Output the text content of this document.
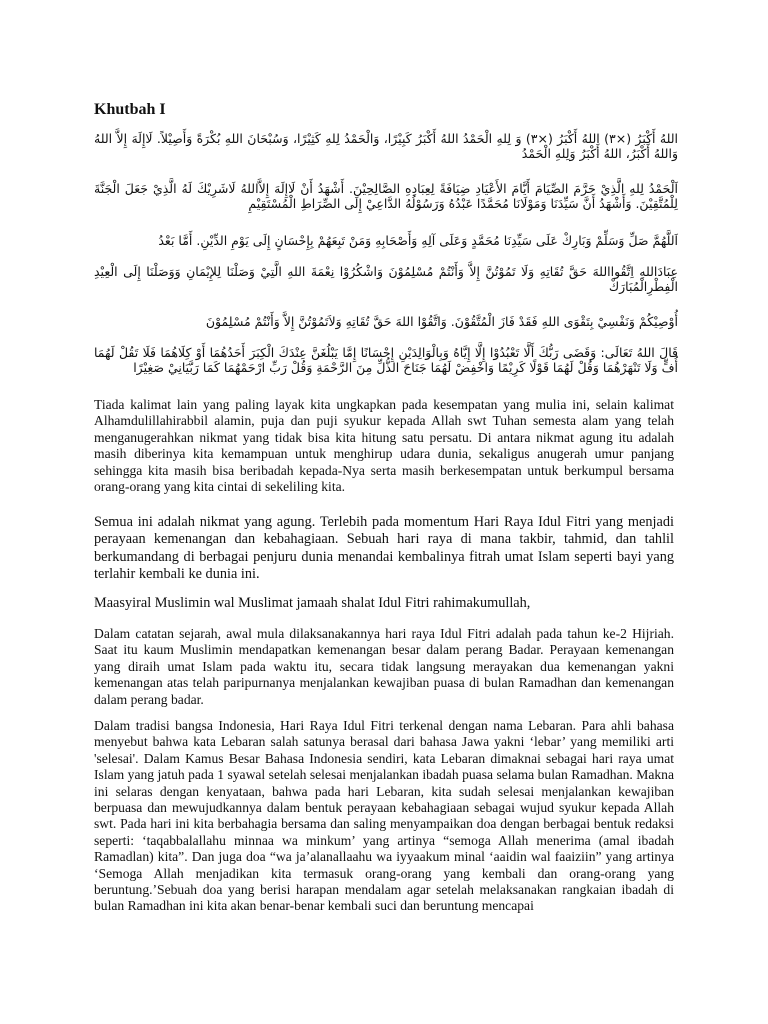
Khutbah I
اللهُ أَكْبَرُ (×٣) اللهُ أَكْبَرُ (×٣) وَ لِلهِ الْحَمْدُ اللهُ أَكْبَرُ كَبِيْرًا، وَالْحَمْدُ لِلهِ كَثِيْرًا، وَسُبْحَانَ اللهِ بُكْرَةً وَأَصِيْلاً. لَاإِلَهَ إِلاَّ اللهُ وَاللهُ أَكْبَرُ، اللهُ أَكْبَرُ وَلِلهِ الْحَمْدُ
اَلْحَمْدُ لِلهِ الَّذِيْ حَرَّمَ الصِّيَامَ أَيَّامَ الأَعْيَادِ ضِيَافَةً لِعِبَادِهِ الصَّالِحِيْنَ. أَشْهَدُ أَنْ لَاإِلَهَ إِلاَّاللهُ لَاشَرِيْكَ لَهُ الَّذِيْ جَعَلَ الْجَنَّةَ لِلْمُتَّقِيْنَ. وَأَشْهَدُ أَنَّ سَيِّدَنَا وَمَوْلَانَا مُحَمَّدًا عَبْدُهُ وَرَسُوْلُهُ الدَّاعِيْ إِلَى الصِّرَاطِ الْمُسْتَقِيْمِ
اَللَّهُمَّ صَلِّ وَسَلِّمْ وَبَارِكْ عَلَى سَيِّدِنَا مُحَمَّدٍ وَعَلَى آلِهِ وَأَصْحَابِهِ وَمَنْ تَبِعَهُمْ بِإِحْسَانٍ إِلَى يَوْمِ الدِّيْنِ. أَمَّا بَعْدُ
عِبَادَاللهِ اِتَّقُوااللهَ حَقَّ تُقَاتِهِ وَلَا تَمُوْتُنَّ إِلاَّ وَأَنْتُمْ مُسْلِمُوْنَ وَاشْكُرُوْا نِعْمَةَ اللهِ الَّتِيْ وَصَلْنَا لِلإِيْمَانِ وَوَصَلْنَا إِلَى الْعِيْدِ الْفِطْرِالْمُبَارَكْ
أُوْصِيْكُمْ وَنَفْسِيْ بِتَقْوَى اللهِ فَقَدْ فَازَ الْمُتَّقُوْنَ. وَاتَّقُوْا اللهَ حَقَّ تُقَاتِهِ وَلاَتَمُوْتُنَّ إِلاَّ وَأَنْتُمْ مُسْلِمُوْنَ
قَالَ اللهُ تَعَالَى: وَقَضَى رَبُّكَ أَلَّا تَعْبُدُوْا إِلَّا إِيَّاهُ وَبِالْوَالِدَيْنِ إِحْسَانًا إِمَّا يَبْلُغَنَّ عِنْدَكَ الْكِبَرَ أَحَدُهُمَا أَوْ كِلَاهُمَا فَلَا تَقُلْ لَهُمَا أُفٍّ وَلَا تَنْهَرْهُمَا وَقُلْ لَهُمَا قَوْلًا كَرِيْمًا وَاخْفِضْ لَهُمَا جَنَاحَ الذُّلِّ مِنَ الرَّحْمَةِ وَقُلْ رَبِّ ارْحَمْهُمَا كَمَا رَبَّيَانِيْ صَغِيْرًا
Tiada kalimat lain yang paling layak kita ungkapkan pada kesempatan yang mulia ini, selain kalimat Alhamdulillahirabbil alamin, puja dan puji syukur kepada Allah swt Tuhan semesta alam yang telah menganugerahkan nikmat yang tidak bisa kita hitung satu persatu. Di antara nikmat agung itu adalah masih diberinya kita kemampuan untuk menghirup udara dunia, sekaligus anugerah umur panjang sehingga kita masih bisa beribadah kepada-Nya serta masih berkesempatan untuk berkumpul bersama orang-orang yang kita cintai di sekeliling kita.
Semua ini adalah nikmat yang agung. Terlebih pada momentum Hari Raya Idul Fitri yang menjadi perayaan kemenangan dan kebahagiaan. Sebuah hari raya di mana takbir, tahmid, dan tahlil berkumandang di berbagai penjuru dunia menandai kembalinya fitrah umat Islam seperti bayi yang terlahir kembali ke dunia ini.
Maasyiral Muslimin wal Muslimat jamaah shalat Idul Fitri rahimakumullah,
Dalam catatan sejarah, awal mula dilaksanakannya hari raya Idul Fitri adalah pada tahun ke-2 Hijriah. Saat itu kaum Muslimin mendapatkan kemenangan besar dalam perang Badar. Perayaan kemenangan yang diraih umat Islam pada waktu itu, secara tidak langsung merayakan dua kemenangan yakni kemenangan atas telah paripurnanya menjalankan kewajiban puasa di bulan Ramadhan dan kemenangan dalam perang badar.
Dalam tradisi bangsa Indonesia, Hari Raya Idul Fitri terkenal dengan nama Lebaran. Para ahli bahasa menyebut bahwa kata Lebaran salah satunya berasal dari bahasa Jawa yakni ‘lebar’ yang memiliki arti 'selesai'. Dalam Kamus Besar Bahasa Indonesia sendiri, kata Lebaran dimaknai sebagai hari raya umat Islam yang jatuh pada 1 syawal setelah selesai menjalankan ibadah puasa selama bulan Ramadhan. Makna ini selaras dengan kenyataan, bahwa pada hari Lebaran, kita sudah selesai menjalankan kewajiban berpuasa dan mewujudkannya dalam bentuk perayaan kebahagiaan sebagai wujud syukur kepada Allah swt. Pada hari ini kita berbahagia bersama dan saling menyampaikan doa dengan berbagai bentuk redaksi seperti: ‘taqabbalallahu minnaa wa minkum’ yang artinya “semoga Allah menerima (amal ibadah Ramadlan) kita”. Dan juga doa “wa ja’alanallaahu wa iyyaakum minal ‘aaidin wal faaiziin” yang artinya ‘Semoga Allah menjadikan kita termasuk orang-orang yang kembali dan orang-orang yang beruntung.’Sebuah doa yang berisi harapan mendalam agar setelah melaksanakan rangkaian ibadah di bulan Ramadhan ini kita akan benar-benar kembali suci dan beruntung mencapai
